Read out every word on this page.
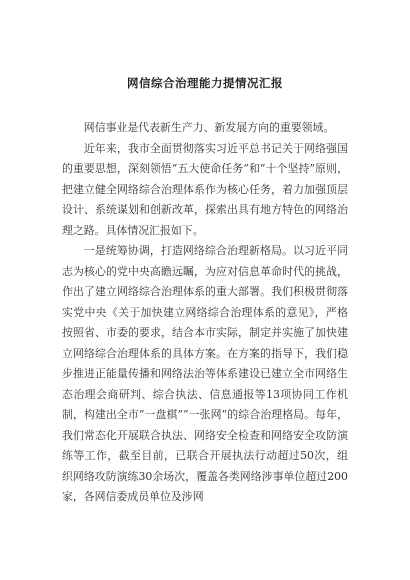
网信综合治理能力提情况汇报

网信事业是代表新生产力、新发展方向的重要领域。

近年来，我市全面贯彻落实习近平总书记关于网络强国的重要思想，深刻领悟“五大使命任务”和“十个坚持”原则，把建立健全网络综合治理体系作为核心任务，着力加强顶层设计、系统谋划和创新改革，探索出具有地方特色的网络治理之路。具体情况汇报如下。

一是统筹协调，打造网络综合治理新格局。以习近平同志为核心的党中央高瞻远瞩，为应对信息革命时代的挑战，作出了建立网络综合治理体系的重大部署。我们积极贯彻落实党中央《关于加快建立网络综合治理体系的意见》，严格按照省、市委的要求，结合本市实际，制定并实施了加快建立网络综合治理体系的具体方案。在方案的指导下，我们稳步推进正能量传播和网络法治等体系建设已建立全市网络生态治理会商研判、综合执法、信息通报等13项协同工作机制，构建出全市“一盘棋”“一张网”的综合治理格局。每年，我们常态化开展联合执法、网络安全检查和网络安全攻防演练等工作，截至目前，已联合开展执法行动超过50次，组织网络攻防演练30余场次，覆盖各类网络涉事单位超过200家，各网信委成员单位及涉网
